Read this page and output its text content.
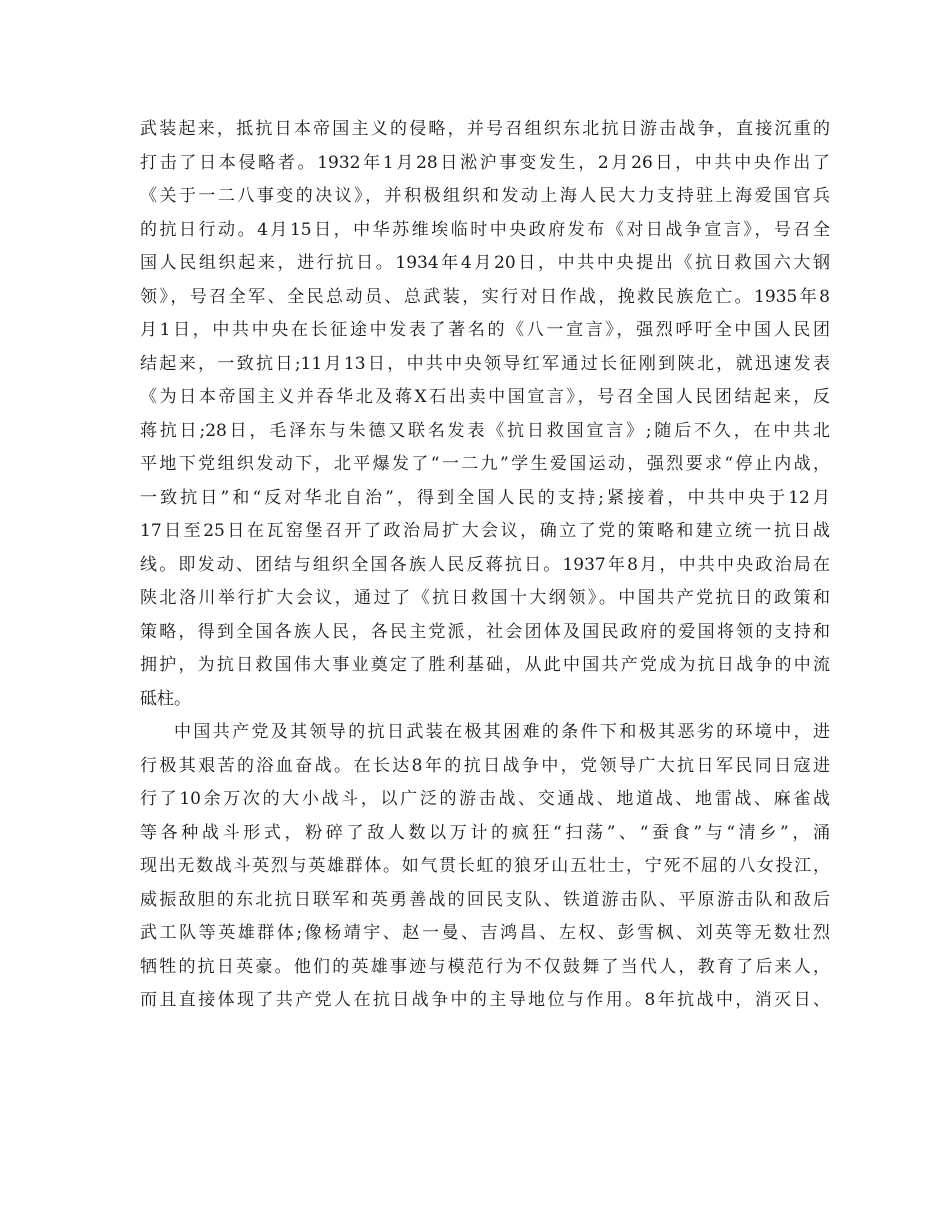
武装起来，抵抗日本帝国主义的侵略，并号召组织东北抗日游击战争，直接沉重的
打击了日本侵略者。1932年1月28日淞沪事变发生，2月26日，中共中央作出了
《关于一二八事变的决议》，并积极组织和发动上海人民大力支持驻上海爱国官兵
的抗日行动。4月15日，中华苏维埃临时中央政府发布《对日战争宣言》，号召全
国人民组织起来，进行抗日。1934年4月20日，中共中央提出《抗日救国六大钢
领》，号召全军、全民总动员、总武装，实行对日作战，挽救民族危亡。1935年8
月1日，中共中央在长征途中发表了著名的《八一宣言》，强烈呼吁全中国人民团
结起来，一致抗日;11月13日，中共中央领导红军通过长征刚到陕北，就迅速发表
《为日本帝国主义并吞华北及蒋X石出卖中国宣言》，号召全国人民团结起来，反
蒋抗日;28日，毛泽东与朱德又联名发表《抗日救国宣言》;随后不久，在中共北
平地下党组织发动下，北平爆发了“一二九”学生爱国运动，强烈要求“停止内战，
一致抗日”和“反对华北自治”，得到全国人民的支持;紧接着，中共中央于12月
17日至25日在瓦窑堡召开了政治局扩大会议，确立了党的策略和建立统一抗日战
线。即发动、团结与组织全国各族人民反蒋抗日。1937年8月，中共中央政治局在
陕北洛川举行扩大会议，通过了《抗日救国十大纲领》。中国共产党抗日的政策和
策略，得到全国各族人民，各民主党派，社会团体及国民政府的爱国将领的支持和
拥护，为抗日救国伟大事业奠定了胜利基础，从此中国共产党成为抗日战争的中流
砥柱。
中国共产党及其领导的抗日武装在极其困难的条件下和极其恶劣的环境中，进
行极其艰苦的浴血奋战。在长达8年的抗日战争中，党领导广大抗日军民同日寇进
行了10余万次的大小战斗，以广泛的游击战、交通战、地道战、地雷战、麻雀战
等各种战斗形式，粉碎了敌人数以万计的疯狂“扫荡”、“蚕食”与“清乡”，涌
现出无数战斗英烈与英雄群体。如气贯长虹的狼牙山五壮士，宁死不屈的八女投江，
威振敌胆的东北抗日联军和英勇善战的回民支队、铁道游击队、平原游击队和敌后
武工队等英雄群体;像杨靖宇、赵一曼、吉鸿昌、左权、彭雪枫、刘英等无数壮烈
牺牲的抗日英豪。他们的英雄事迹与模范行为不仅鼓舞了当代人，教育了后来人，
而且直接体现了共产党人在抗日战争中的主导地位与作用。8年抗战中，消灭日、
